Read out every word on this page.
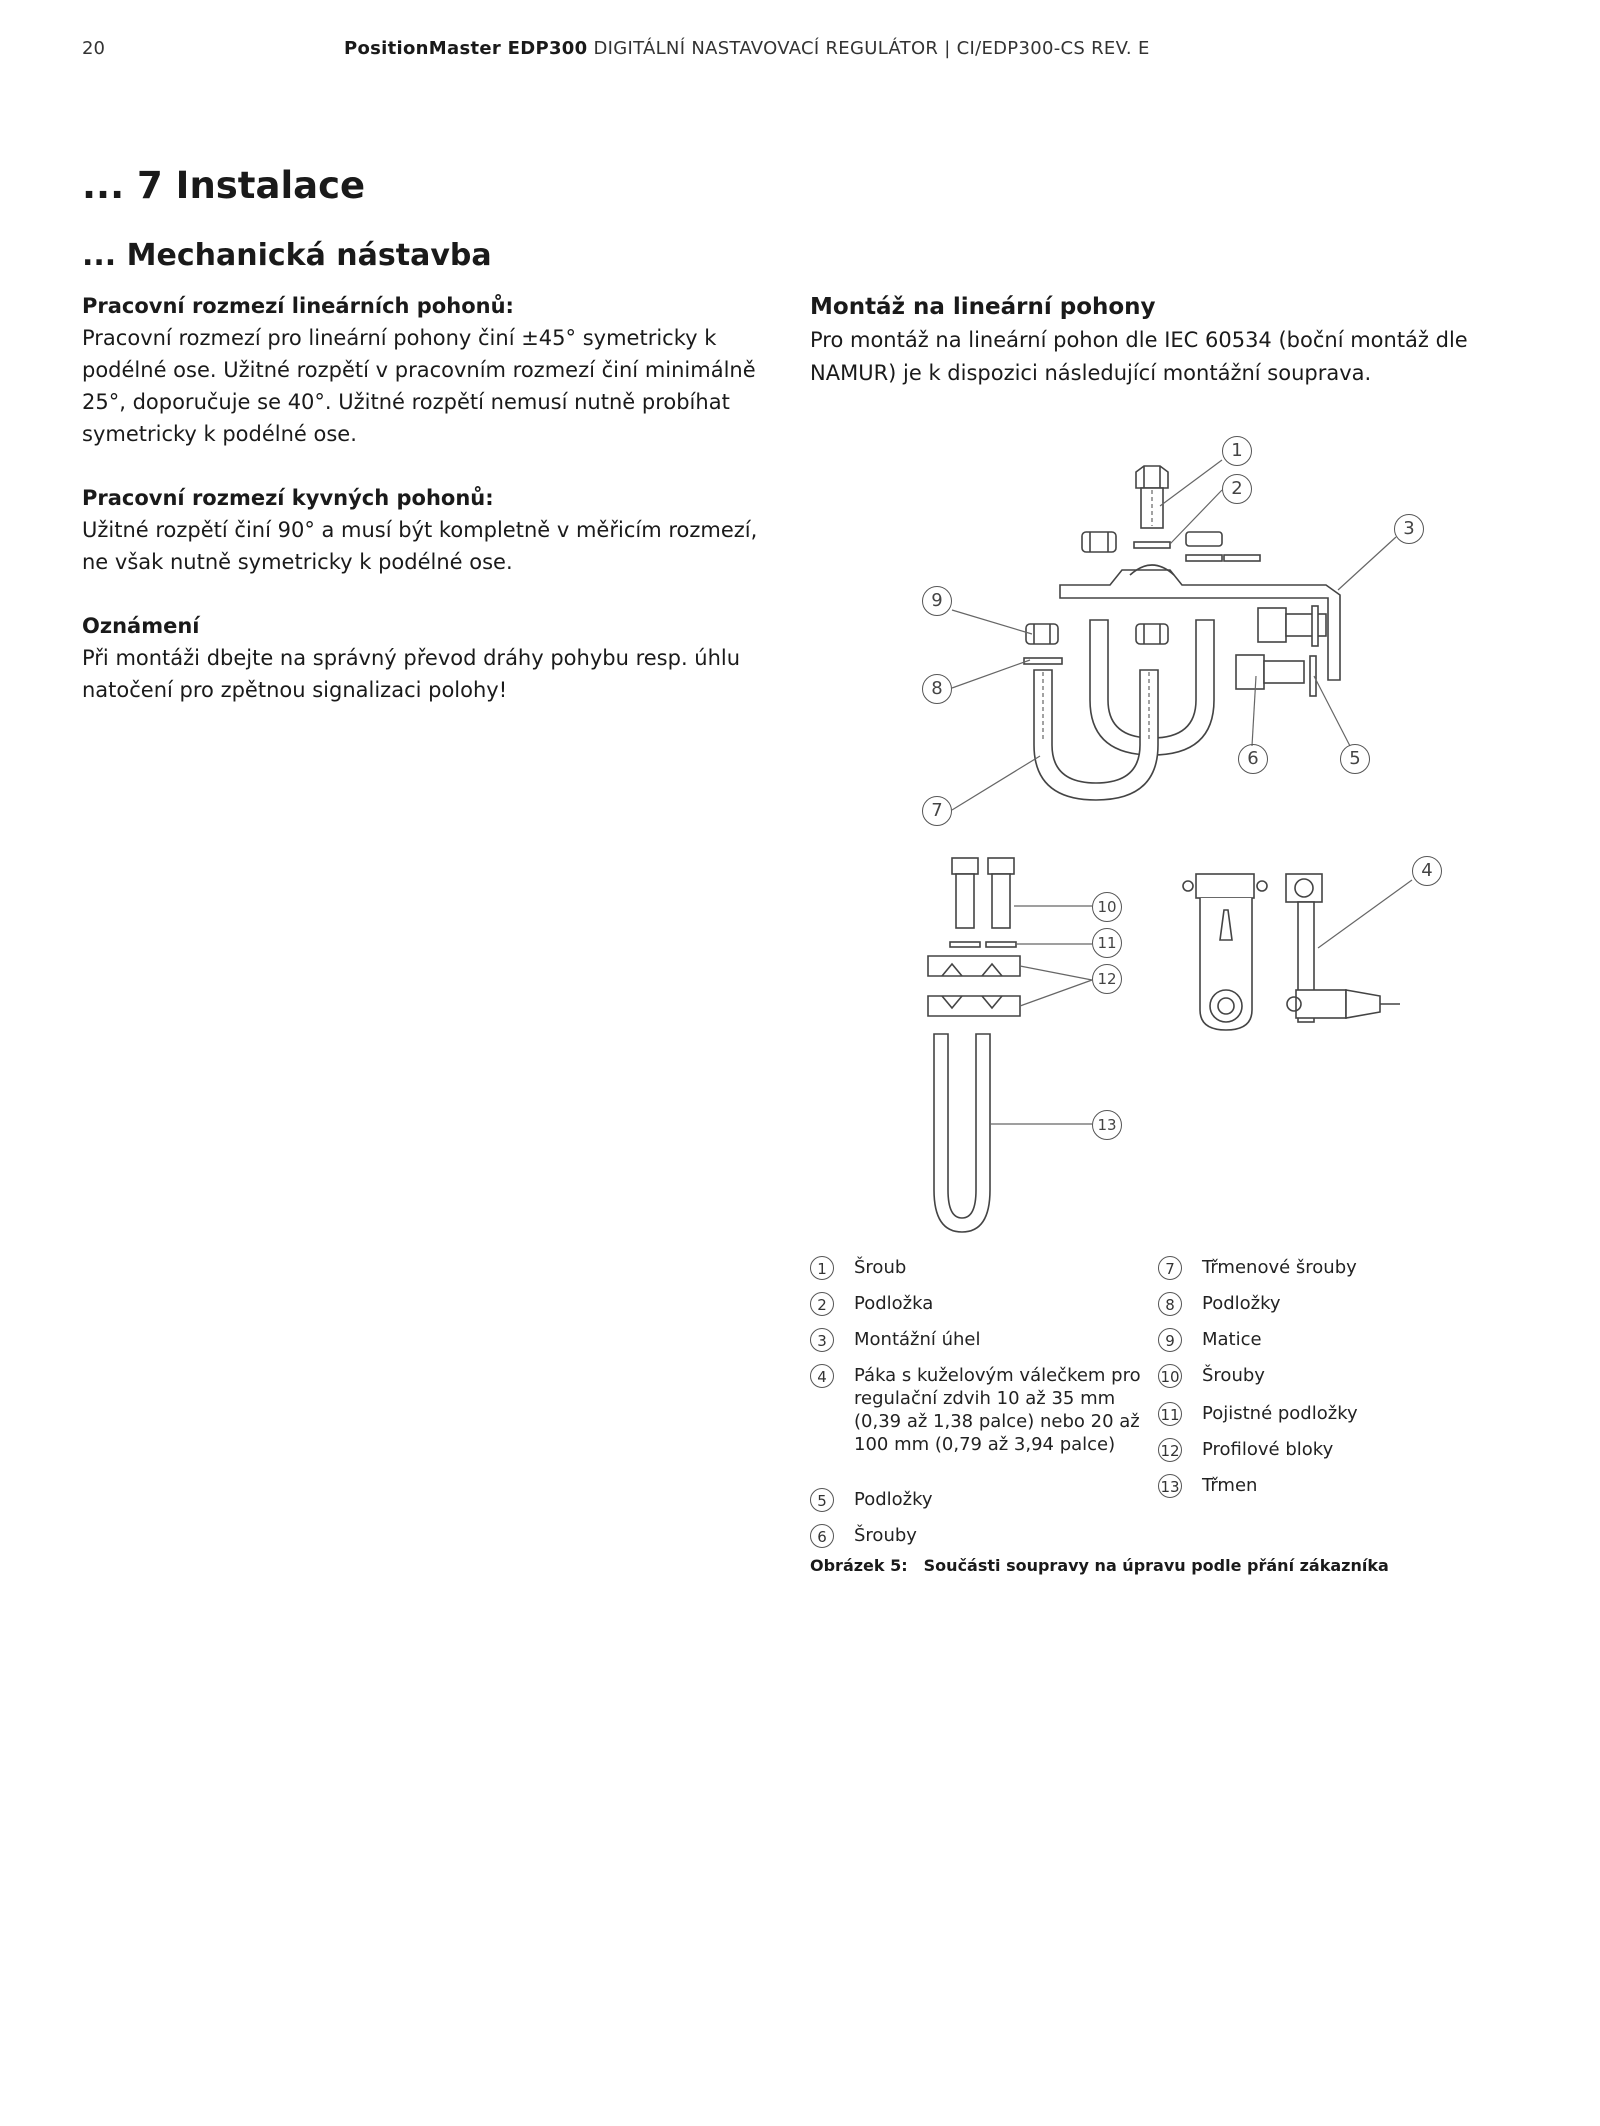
20	PositionMaster EDP300 DIGITÁLNÍ NASTAVOVACÍ REGULÁTOR | CI/EDP300-CS REV. E
... 7 Instalace
... Mechanická nástavba
Pracovní rozmezí lineárních pohonů:
Pracovní rozmezí pro lineární pohony činí ±45° symetricky k podélné ose. Užitné rozpětí v pracovním rozmezí činí minimálně 25°, doporučuje se 40°. Užitné rozpětí nemusí nutně probíhat symetricky k podélné ose.
Pracovní rozmezí kyvných pohonů:
Užitné rozpětí činí 90° a musí být kompletně v měřicím rozmezí, ne však nutně symetricky k podélné ose.
Oznámení
Při montáži dbejte na správný převod dráhy pohybu resp. úhlu natočení pro zpětnou signalizaci polohy!
Montáž na lineární pohony

Pro montáž na lineární pohon dle IEC 60534 (boční montáž dle NAMUR) je k dispozici následující montážní souprava.

1
2
3
4
5
6
7
8
9
10
11
12
13
1	Šroub
2	Podložka
3	Montážní úhel
4	Páka s kuželovým válečkem pro regulační zdvih 10 až 35 mm (0,39 až 1,38 palce) nebo 20 až 100 mm (0,79 až 3,94 palce)
5	Podložky
6	Šrouby
7	Třmenové šrouby
8	Podložky
9	Matice
10 Šrouby
11 Pojistné podložky
12 Profilové bloky
13 Třmen
Obrázek 5: Součásti soupravy na úpravu podle přání zákazníka
